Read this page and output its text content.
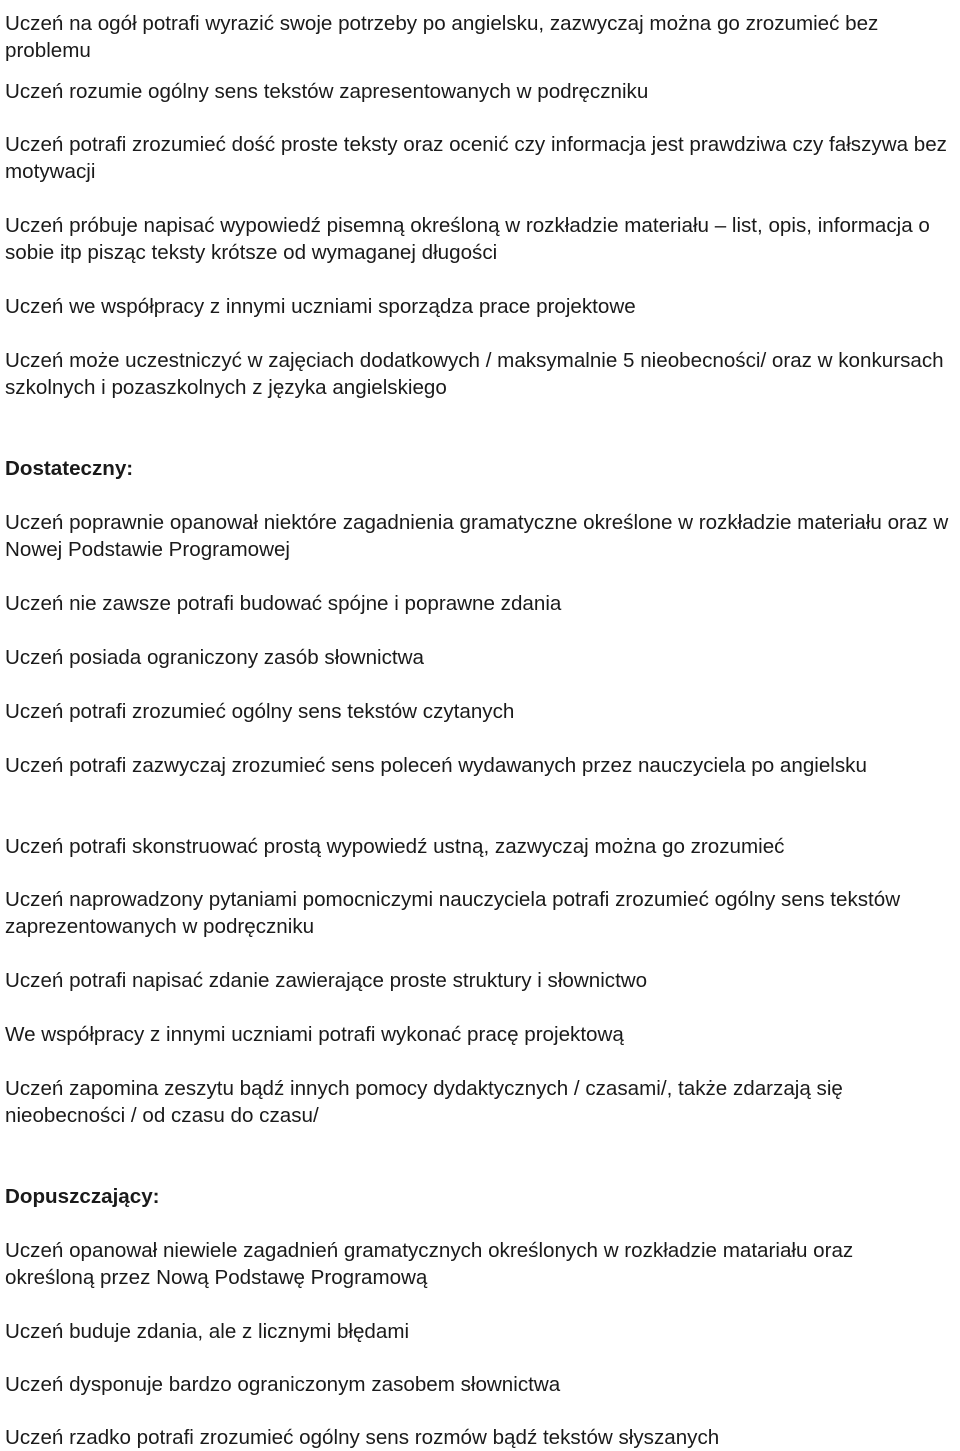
Uczeń na ogół potrafi wyrazić swoje potrzeby po angielsku, zazwyczaj można go zrozumieć bez problemu

Uczeń rozumie ogólny sens tekstów zapresentowanych w podręczniku

Uczeń potrafi zrozumieć dość proste teksty oraz ocenić czy informacja jest prawdziwa czy fałszywa bez motywacji

Uczeń próbuje napisać wypowiedź pisemną określoną w rozkładzie materiału – list, opis, informacja o sobie itp pisząc teksty krótsze od wymaganej długości

Uczeń we współpracy z innymi uczniami sporządza prace projektowe

Uczeń może uczestniczyć w zajęciach dodatkowych / maksymalnie 5 nieobecności/ oraz w konkursach szkolnych i pozaszkolnych z języka angielskiego

Dostateczny:

Uczeń poprawnie opanował niektóre zagadnienia gramatyczne określone w rozkładzie materiału oraz w Nowej Podstawie Programowej

Uczeń nie zawsze potrafi budować spójne i poprawne zdania

Uczeń posiada ograniczony zasób słownictwa

Uczeń potrafi zrozumieć ogólny sens tekstów czytanych

Uczeń potrafi zazwyczaj zrozumieć sens poleceń wydawanych przez nauczyciela po angielsku

Uczeń potrafi skonstruować prostą wypowiedź ustną, zazwyczaj można go zrozumieć

Uczeń naprowadzony pytaniami pomocniczymi nauczyciela potrafi zrozumieć ogólny sens tekstów zaprezentowanych w podręczniku

Uczeń potrafi napisać zdanie zawierające proste struktury i słownictwo

We współpracy z innymi uczniami potrafi wykonać pracę projektową

Uczeń zapomina zeszytu bądź innych pomocy dydaktycznych / czasami/, także zdarzają się nieobecności / od czasu do czasu/

Dopuszczający:

Uczeń opanował niewiele zagadnień gramatycznych określonych w rozkładzie matariału oraz określoną przez Nową Podstawę Programową

Uczeń buduje zdania, ale z licznymi błędami

Uczeń dysponuje bardzo ograniczonym zasobem słownictwa

Uczeń rzadko potrafi zrozumieć ogólny sens rozmów bądź tekstów słyszanych
